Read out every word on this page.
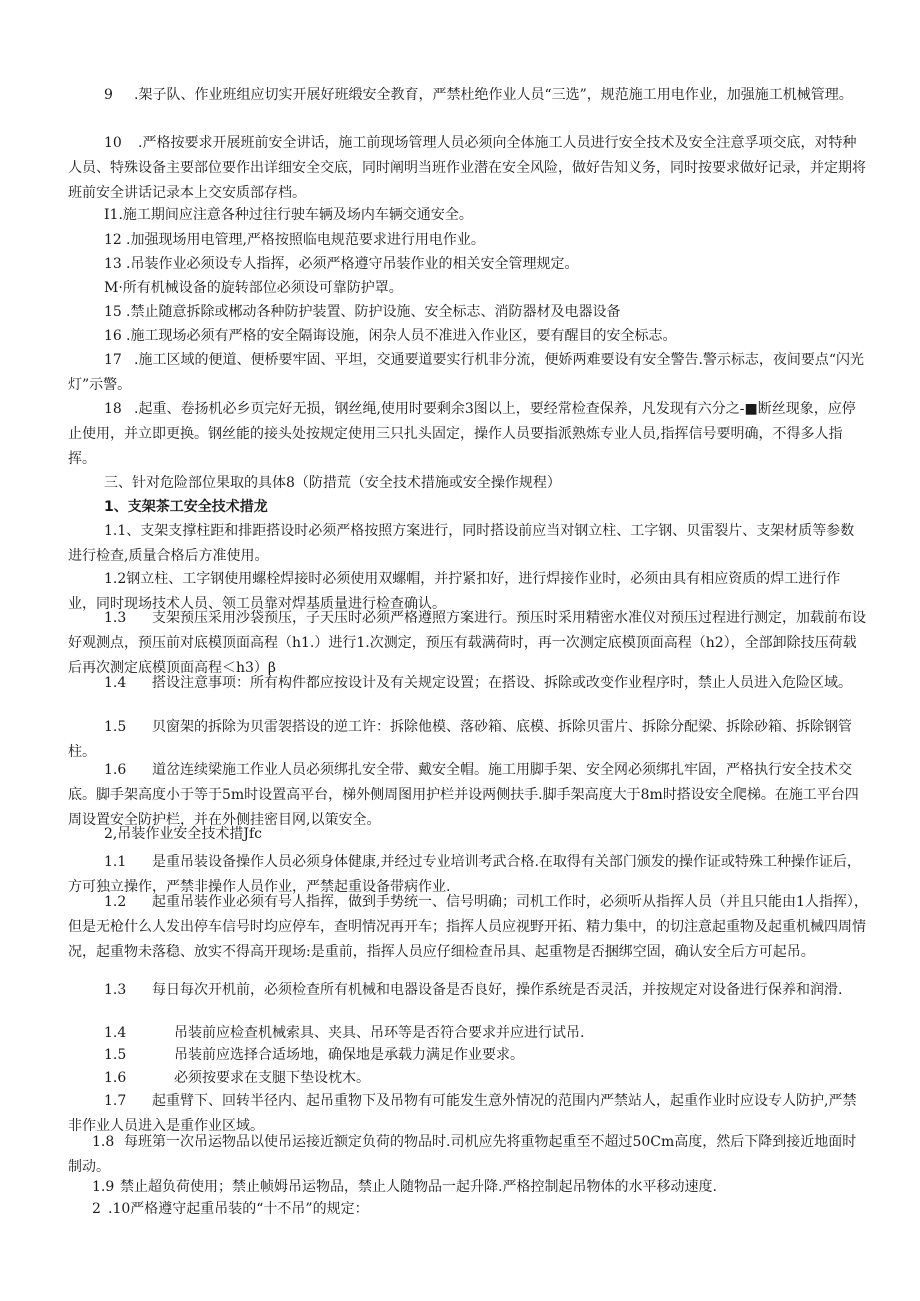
9	.架子队、作业班组应切实开展好班缎安全教育，严禁杜绝作业人员“三选”，规范施工用电作业，加强施工机械管理。

10	.严格按要求开展班前安全讲话，施工前现场管理人员必须向全体施工人员进行安全技术及安全注意孚项交底，对特种人员、特殊设备主要部位要作出详细安全交底，同时阐明当班作业潜在安全风险，做好告知义务，同时按要求做好记录，并定期将班前安全讲话记录本上交安质部存档。

I1.施工期间应注意各种过往行驶车辆及场内车辆交通安全。

12	.加强现场用电管理,严格按照临电规范要求进行用电作业。

13	.吊装作业必须设专人指挥，必须严格遵守吊装作业的相关安全管理规定。

M·所有机械设备的旋转部位必须设可靠防护罩。

15	.禁止随意拆除或郴动各种防护装置、防护设施、安全标志、消防器材及电器设备

16	.施工现场必须有严格的安全隔诲设施，闲杂人员不准进入作业区，要有醒目的安全标志。

17	.施工区域的便道、便桥要牢固、平坦，交通要道要实行机非分流，便娇两难要设有安全警告.警示标志，夜间要点“闪光灯”示警。

18	.起重、卷扬机必乡页完好无损，钢丝绳,使用时要剩余3图以上，要经常检查保养，凡发现有六分之-■断丝现象，应停止使用，并立即更换。钢丝能的接头处按规定使用三只扎头固定，操作人员要指派熟炼专业人员,指挥信号要明确，不得多人指挥。

三、针对危险部位果取的具体8（防措荒（安全技术措施或安全操作规程）

1、支架茶工安全技术措龙

1.1、支架支撑柱距和排距搭设时必须严格按照方案进行，同时搭设前应当对钢立柱、工字钢、贝雷裂片、支架材质等参数进行检查,质量合格后方准使用。

1.2钢立柱、工字钢使用螺栓焊接时必须使用双螺帽，并拧紧扣好，进行焊接作业时，必须由具有相应资质的焊工进行作业，同时现场技术人员、领工员靠对焊基质量进行检查确认。

1.3	支架预压采用沙袋预压，子天压时必须严格遵照方案进行。预压时采用精密水准仪对预压过程进行测定，加载前布设好观测点，预压前对底模顶面高程（h1.）进行1.次测定，预压有载满荷时，再一次测定底模顶面高程（h2），全部卸除技压荷载后再次测定底模顶面高程＜h3）β

1.4	搭设注意事项：所有构件都应按设计及有关规定设置；在搭设、拆除或改变作业程序时，禁止人员进入危险区域。

1.5	贝窗架的拆除为贝雷袈搭设的逆工许：拆除他模、落砂箱、底模、拆除贝雷片、拆除分配梁、拆除砂箱、拆除钢管柱。

1.6	道岔连续梁施工作业人员必须绑扎安全带、戴安全帽。施工用脚手架、安全网必须绑扎牢固，严格执行安全技术交底。脚手架高度小于等于5m时设置高平台，梯外侧周图用护栏并设两侧扶手.脚手架高度大于8m时搭设安全爬梯。在施工平台四周设置安全防护栏，并在外侧挂密目网,以策安全。

2,吊装作业安全技术措Jfc

1.1	是重吊装设备操作人员必须身体健康,并经过专业培训考武合格.在取得有关部门颁发的操作证或特殊工种操作证后，方可独立操作，严禁非操作人员作业，严禁起重设备带病作业.

1.2	起重吊装作业必须有号人指挥，做到手势统一、信号明确；司机工作时，必须听从指挥人员（并且只能由1人指挥），但是无枪什么人发出停车信号时均应停车，查明情况再开车；指挥人员应视野开拓、精力集中，的切注意起重物及起重机械四周情况，起重物未落稳、放实不得高开现场:是重前，指挥人员应仔细检查吊具、起重物是否捆绑空固，确认安全后方可起吊。

1.3	每日每次开机前，必须检查所有机械和电器设备是否良好，操作系统是否灵活，并按规定对设备进行保养和润滑.

1.4	吊装前应检查机械索具、夹具、吊环等是否符合要求并应进行试吊.

1.5	吊装前应选择合适场地，确保地是承载力满足作业要求。

1.6	必须按要求在支腿下垫设枕木。

1.7	起重臂下、回转半径内、起吊重物下及吊物有可能发生意外情况的范围内严禁站人，起重作业时应设专人防护,严禁非作业人员进入是重作业区域。

1.8	每班第一次吊运物品以使吊运接近额定负荷的物品时.司机应先将重物起重至不超过50Cm高度，然后下降到接近地面时制动。

1.9	禁止超负荷使用；禁止帧姆吊运物品，禁止人随物品一起升降.严格控制起吊物体的水平移动速度.

2	.10严格遵守起重吊装的“十不吊”的规定：
